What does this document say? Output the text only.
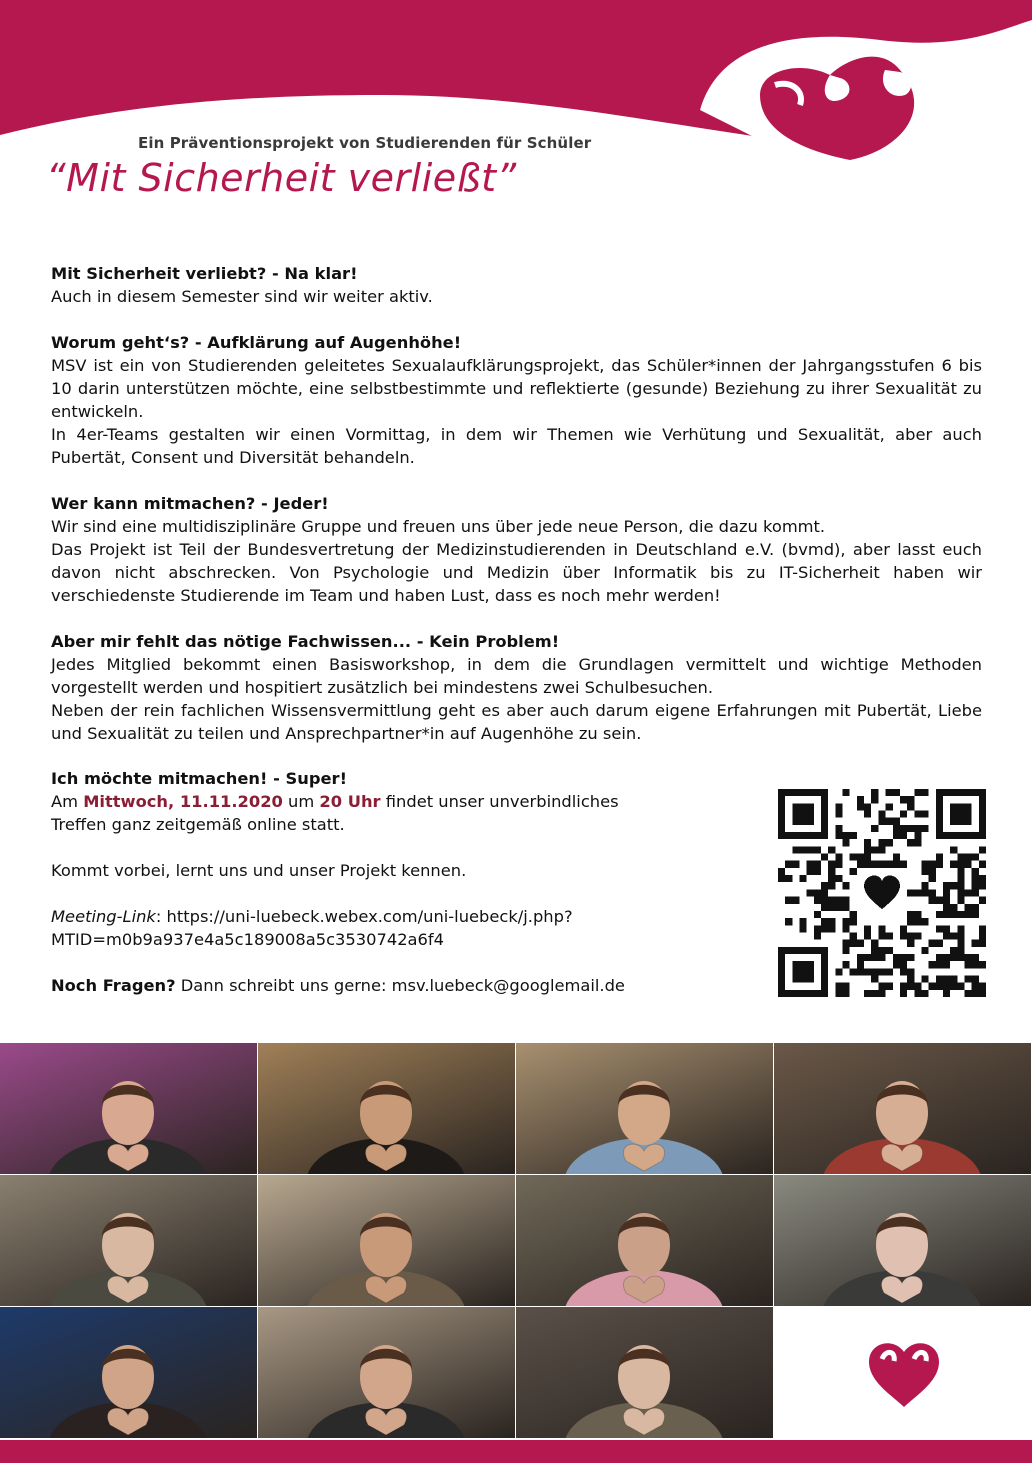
Ein Präventionsprojekt von Studierenden für Schüler
“Mit Sicherheit verließt”
Mit Sicherheit verliebt? - Na klar!

Auch in diesem Semester sind wir weiter aktiv.

Worum geht‘s? - Aufklärung auf Augenhöhe!

MSV ist ein von Studierenden geleitetes Sexualaufklärungsprojekt, das Schüler*innen der Jahrgangsstufen 6 bis 10 darin unterstützen möchte, eine selbstbestimmte und reflektierte (gesunde) Beziehung zu ihrer Sexualität zu entwickeln.

In 4er-Teams gestalten wir einen Vormittag, in dem wir Themen wie Verhütung und Sexualität, aber auch Pubertät, Consent und Diversität behandeln.

Wer kann mitmachen? - Jeder!

Wir sind eine multidisziplinäre Gruppe und freuen uns über jede neue Person, die dazu kommt.

Das Projekt ist Teil der Bundesvertretung der Medizinstudierenden in Deutschland e.V. (bvmd), aber lasst euch davon nicht abschrecken. Von Psychologie und Medizin über Informatik bis zu IT-Sicherheit haben wir verschiedenste Studierende im Team und haben Lust, dass es noch mehr werden!

Aber mir fehlt das nötige Fachwissen... - Kein Problem!

Jedes Mitglied bekommt einen Basisworkshop, in dem die Grundlagen vermittelt und wichtige Methoden vorgestellt werden und hospitiert zusätzlich bei mindestens zwei Schulbesuchen.

Neben der rein fachlichen Wissensvermittlung geht es aber auch darum eigene Erfahrungen mit Pubertät, Liebe und Sexualität zu teilen und Ansprechpartner*in auf Augenhöhe zu sein.

Ich möchte mitmachen! - Super!

Am Mittwoch, 11.11.2020 um 20 Uhr findet unser unverbindliches

Treffen ganz zeitgemäß online statt.

Kommt vorbei, lernt uns und unser Projekt kennen.

Meeting-Link: https://uni-luebeck.webex.com/uni-luebeck/j.php?

MTID=m0b9a937e4a5c189008a5c3530742a6f4

Noch Fragen? Dann schreibt uns gerne: msv.luebeck@googlemail.de
